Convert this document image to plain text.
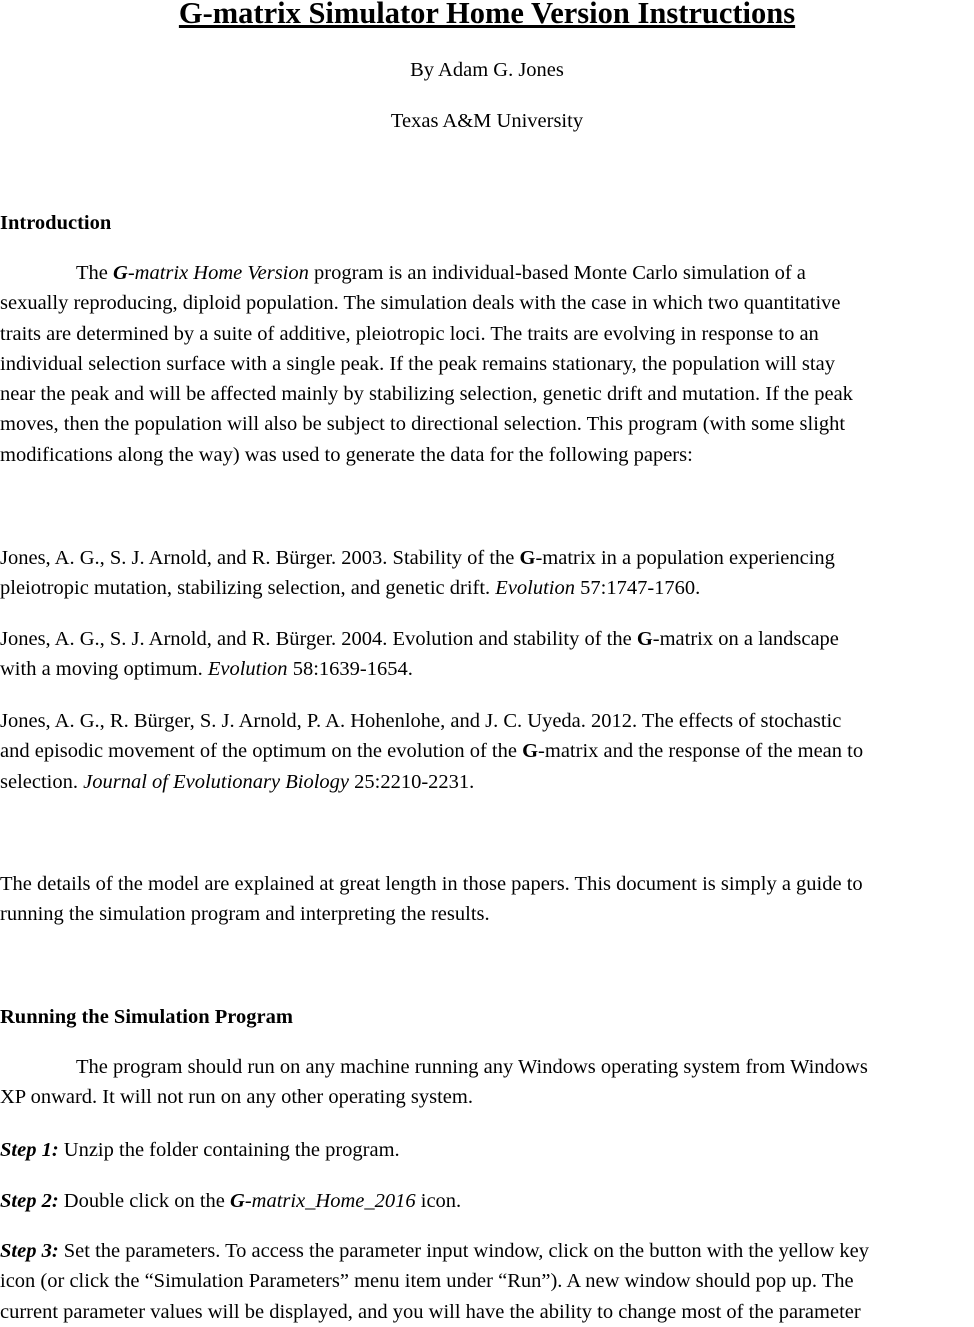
G-matrix Simulator Home Version Instructions
By Adam G. Jones
Texas A&M University
Introduction
The G-matrix Home Version program is an individual-based Monte Carlo simulation of a
sexually reproducing, diploid population. The simulation deals with the case in which two quantitative
traits are determined by a suite of additive, pleiotropic loci. The traits are evolving in response to an
individual selection surface with a single peak. If the peak remains stationary, the population will stay
near the peak and will be affected mainly by stabilizing selection, genetic drift and mutation. If the peak
moves, then the population will also be subject to directional selection. This program (with some slight
modifications along the way) was used to generate the data for the following papers:
Jones, A. G., S. J. Arnold, and R. Bürger. 2003. Stability of the G-matrix in a population experiencing
pleiotropic mutation, stabilizing selection, and genetic drift. Evolution 57:1747-1760.
Jones, A. G., S. J. Arnold, and R. Bürger. 2004. Evolution and stability of the G-matrix on a landscape
with a moving optimum. Evolution 58:1639-1654.
Jones, A. G., R. Bürger, S. J. Arnold, P. A. Hohenlohe, and J. C. Uyeda. 2012. The effects of stochastic
and episodic movement of the optimum on the evolution of the G-matrix and the response of the mean to
selection. Journal of Evolutionary Biology 25:2210-2231.
The details of the model are explained at great length in those papers. This document is simply a guide to
running the simulation program and interpreting the results.
Running the Simulation Program
The program should run on any machine running any Windows operating system from Windows
XP onward. It will not run on any other operating system.
Step 1: Unzip the folder containing the program.
Step 2: Double click on the G-matrix_Home_2016 icon.
Step 3: Set the parameters. To access the parameter input window, click on the button with the yellow key
icon (or click the “Simulation Parameters” menu item under “Run”). A new window should pop up. The
current parameter values will be displayed, and you will have the ability to change most of the parameter
